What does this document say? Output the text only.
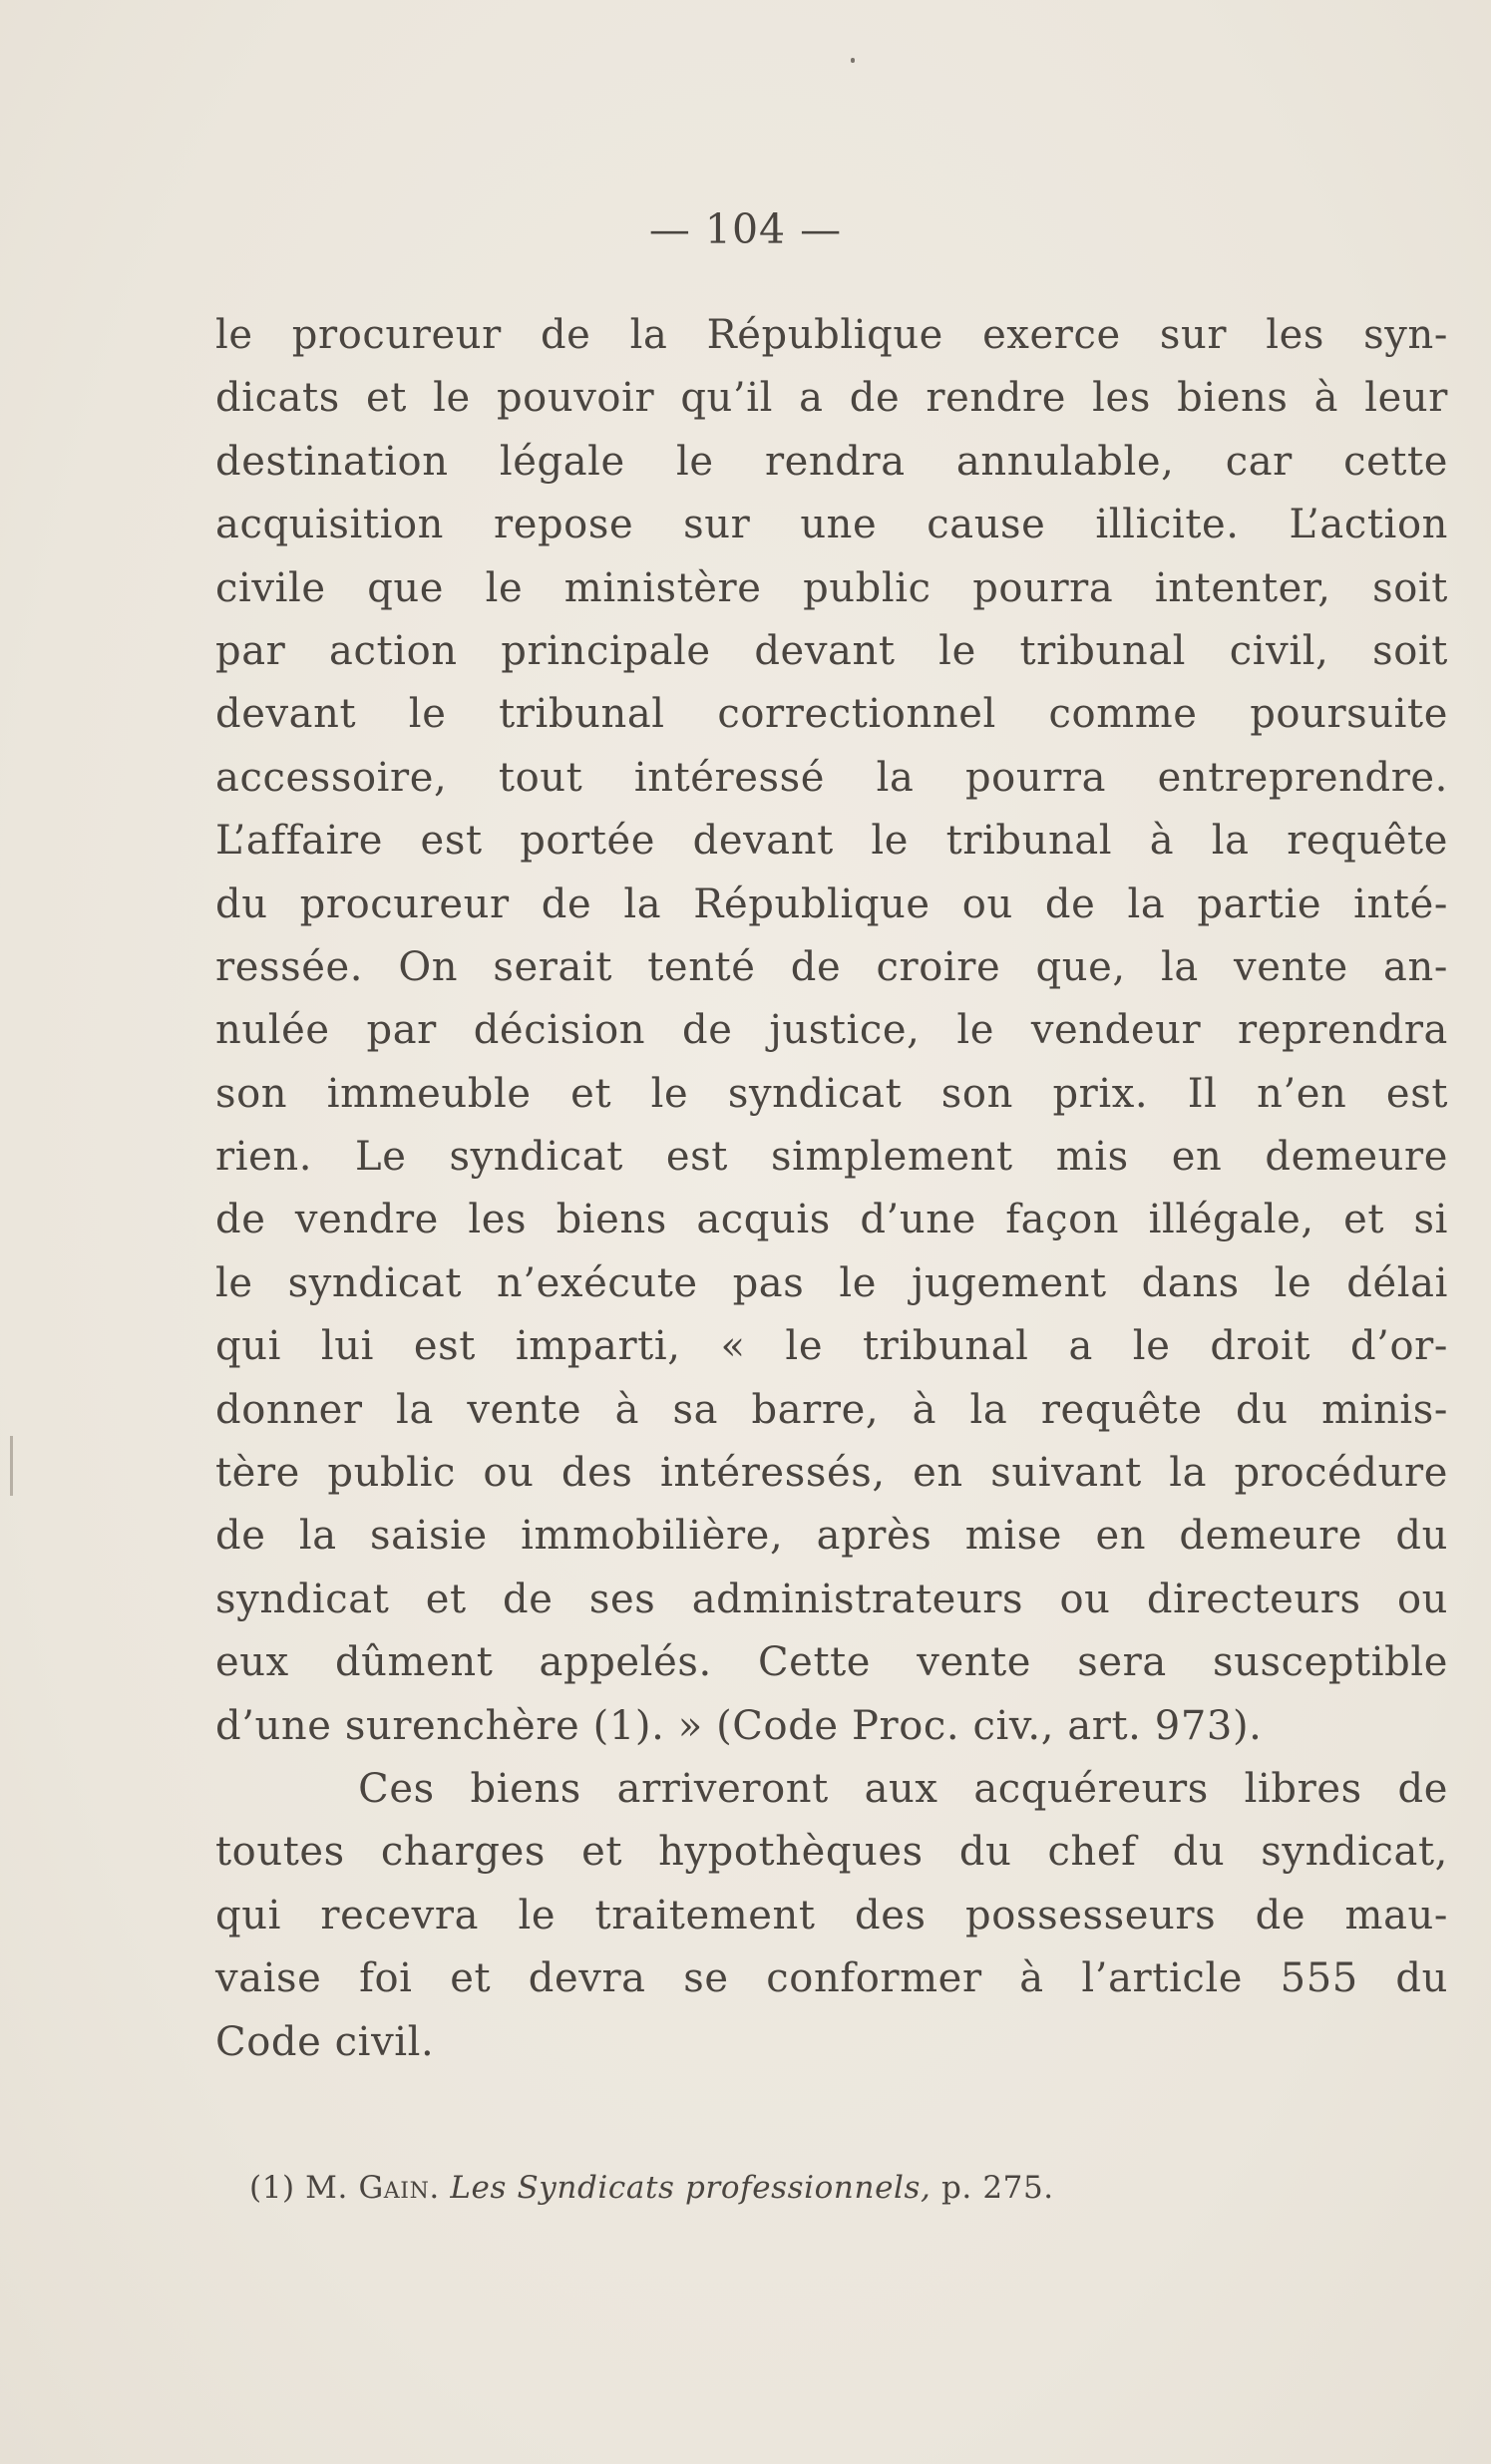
— 104 —
le procureur de la République exerce sur les syn-
dicats et le pouvoir qu’il a de rendre les biens à leur
destination légale le rendra annulable, car cette
acquisition repose sur une cause illicite. L’action
civile que le ministère public pourra intenter, soit
par action principale devant le tribunal civil, soit
devant le tribunal correctionnel comme poursuite
accessoire, tout intéressé la pourra entreprendre.
L’affaire est portée devant le tribunal à la requête
du procureur de la République ou de la partie inté-
ressée. On serait tenté de croire que, la vente an-
nulée par décision de justice, le vendeur reprendra
son immeuble et le syndicat son prix. Il n’en est
rien. Le syndicat est simplement mis en demeure
de vendre les biens acquis d’une façon illégale, et si
le syndicat n’exécute pas le jugement dans le délai
qui lui est imparti, « le tribunal a le droit d’or-
donner la vente à sa barre, à la requête du minis-
tère public ou des intéressés, en suivant la procédure
de la saisie immobilière, après mise en demeure du
syndicat et de ses administrateurs ou directeurs ou
eux dûment appelés. Cette vente sera susceptible
d’une surenchère (1). » (Code Proc. civ., art. 973).
Ces biens arriveront aux acquéreurs libres de
toutes charges et hypothèques du chef du syndicat,
qui recevra le traitement des possesseurs de mau-
vaise foi et devra se conformer à l’article 555 du
Code civil.
(1) M. Gain. Les Syndicats professionnels, p. 275.
